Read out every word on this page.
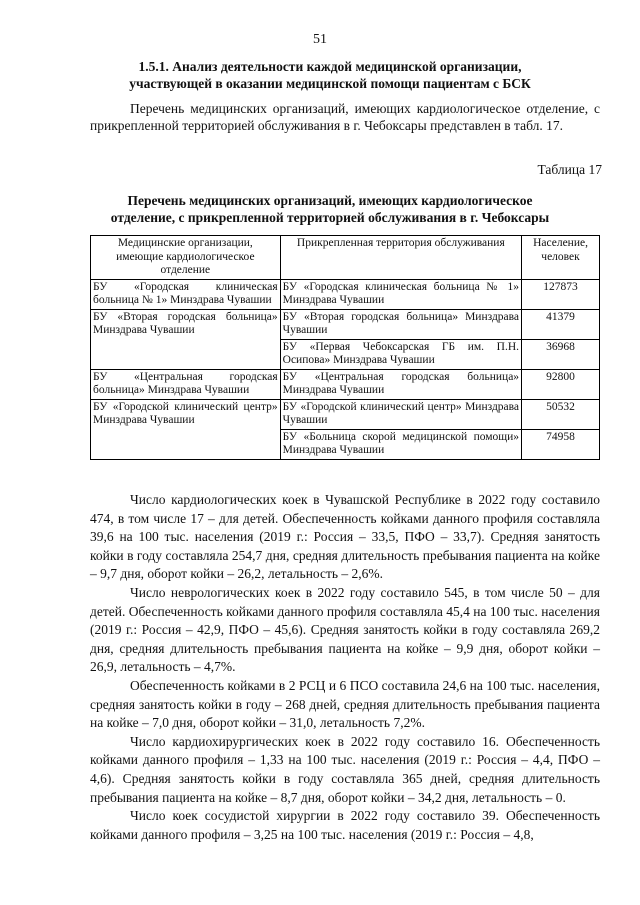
51
1.5.1. Анализ деятельности каждой медицинской организации, участвующей в оказании медицинской помощи пациентам с БСК

Перечень медицинских организаций, имеющих кардиологическое отделение, с прикрепленной территорией обслуживания в г. Чебоксары представлен в табл. 17.

Таблица 17
Перечень медицинских организаций, имеющих кардиологическое отделение, с прикрепленной территорией обслуживания в г. Чебоксары
Медицинские организации, имеющие кардиологическое отделение	Прикрепленная территория обслуживания	Население, человек
БУ «Городская клиническая больница № 1» Минздрава Чувашии	БУ «Городская клиническая больница № 1» Минздрава Чувашии	127873
БУ «Вторая городская больница» Минздрава Чувашии	БУ «Вторая городская больница» Минздрава Чувашии	41379
	БУ «Первая Чебоксарская ГБ им. П.Н. Осипова» Минздрава Чувашии	36968
БУ «Центральная городская больница» Минздрава Чувашии	БУ «Центральная городская больница» Минздрава Чувашии	92800
БУ «Городской клинический центр» Минздрава Чувашии	БУ «Городской клинический центр» Минздрава Чувашии	50532
	БУ «Больница скорой медицинской помощи» Минздрава Чувашии	74958

Число кардиологических коек в Чувашской Республике в 2022 году составило 474, в том числе 17 – для детей. Обеспеченность койками данного профиля составляла 39,6 на 100 тыс. населения (2019 г.: Россия – 33,5, ПФО – 33,7). Средняя занятость койки в году составляла 254,7 дня, средняя длительность пребывания пациента на койке – 9,7 дня, оборот койки – 26,2, летальность – 2,6%.

Число неврологических коек в 2022 году составило 545, в том числе 50 – для детей. Обеспеченность койками данного профиля составляла 45,4 на 100 тыс. населения (2019 г.: Россия – 42,9, ПФО – 45,6). Средняя занятость койки в году составляла 269,2 дня, средняя длительность пребывания пациента на койке – 9,9 дня, оборот койки – 26,9, летальность – 4,7%.

Обеспеченность койками в 2 РСЦ и 6 ПСО составила 24,6 на 100 тыс. населения, средняя занятость койки в году – 268 дней, средняя длительность пребывания пациента на койке – 7,0 дня, оборот койки – 31,0, летальность 7,2%.

Число кардиохирургических коек в 2022 году составило 16. Обеспеченность койками данного профиля – 1,33 на 100 тыс. населения (2019 г.: Россия – 4,4, ПФО – 4,6). Средняя занятость койки в году составляла 365 дней, средняя длительность пребывания пациента на койке – 8,7 дня, оборот койки – 34,2 дня, летальность – 0.

Число коек сосудистой хирургии в 2022 году составило 39. Обеспеченность койками данного профиля – 3,25 на 100 тыс. населения (2019 г.: Россия – 4,8,
